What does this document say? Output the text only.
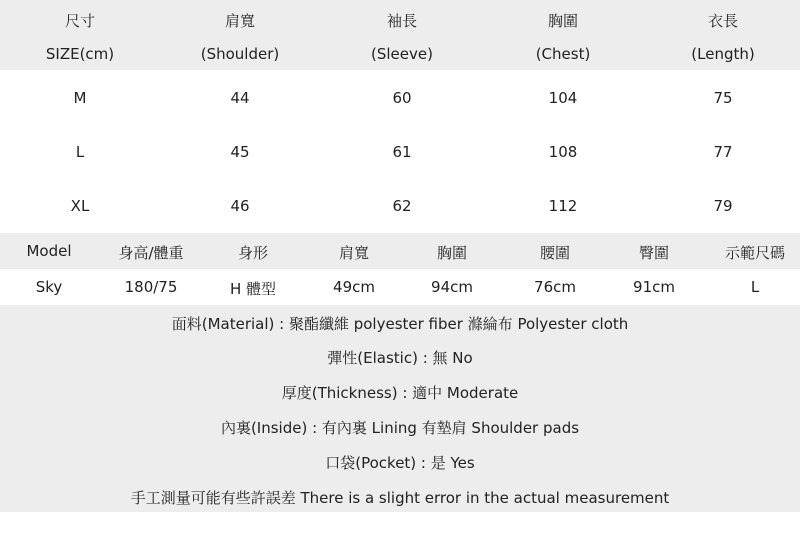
尺寸	肩寬	袖長	胸圍	衣長
SIZE(cm)	(Shoulder)	(Sleeve)	(Chest)	(Length)
M	44	60	104	75
L	45	61	108	77
XL	46	62	112	79
Model	身高/體重	身形	肩寬	胸圍	腰圍	臀圍	示範尺碼
Sky	180/75	H 體型	49cm	94cm	76cm	91cm	L
面料(Material) : 聚酯纖維 polyester fiber 滌綸布 Polyester cloth
彈性(Elastic) : 無 No
厚度(Thickness) : 適中 Moderate
內裏(Inside) : 有內裏 Lining 有墊肩 Shoulder pads
口袋(Pocket) : 是 Yes
手工測量可能有些許誤差 There is a slight error in the actual measurement
